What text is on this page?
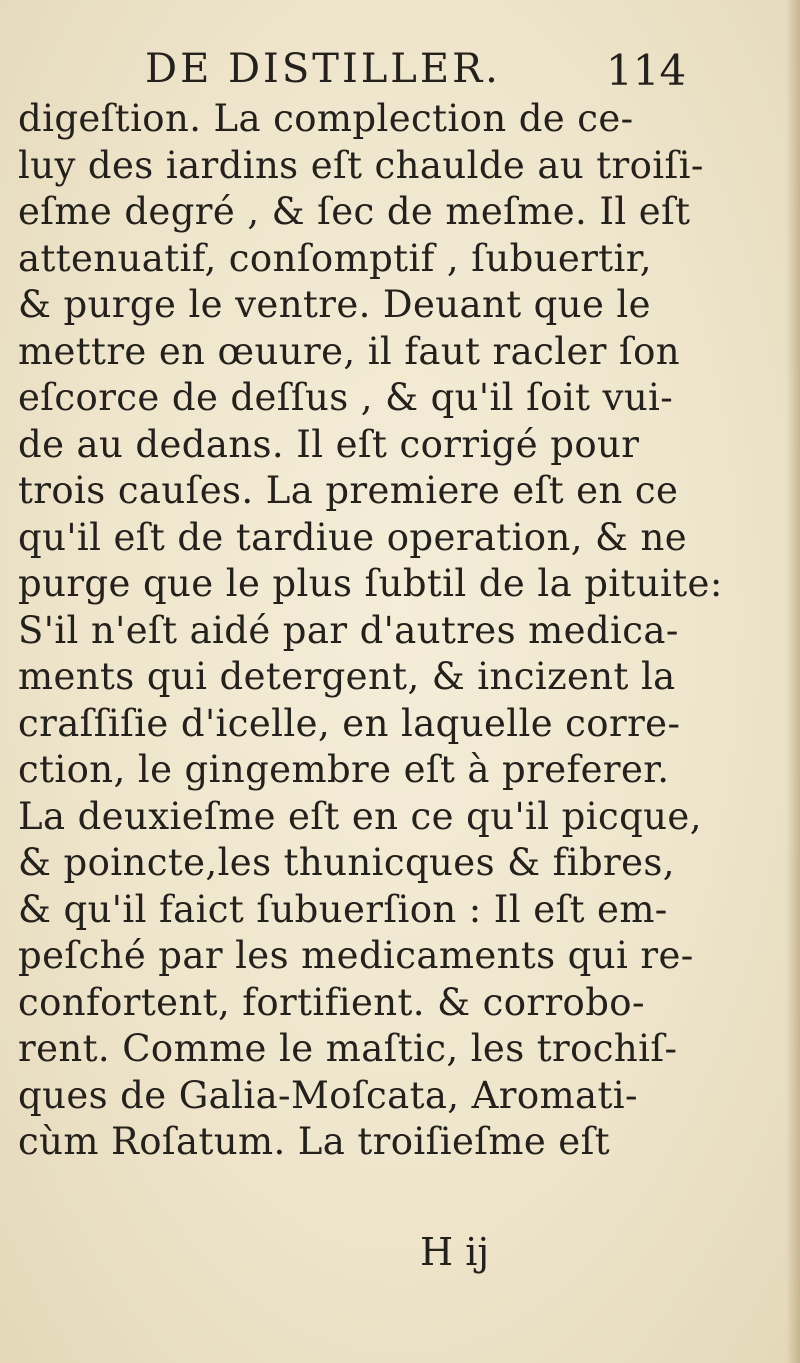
DE DISTILLER.	114
digeſtion. La complection de ce-
luy des iardins eſt chaulde au troiſi-
eſme degré , & ſec de meſme. Il eſt
attenuatif, conſomptif , ſubuertir,
& purge le ventre. Deuant que le
mettre en œuure, il faut racler ſon
eſcorce de deſſus , & qu'il ſoit vui-
de au dedans. Il eſt corrigé pour
trois cauſes. La premiere eſt en ce
qu'il eſt de tardiue operation, & ne
purge que le plus ſubtil de la pituite:
S'il n'eſt aidé par d'autres medica-
ments qui detergent, & incizent la
craſſiſie d'icelle, en laquelle corre-
ction, le gingembre eſt à preferer.
La deuxieſme eſt en ce qu'il picque,
& poincte,les thunicques & fibres,
& qu'il faict ſubuerſion : Il eſt em-
peſché par les medicaments qui re-
confortent, fortifient. & corrobo-
rent. Comme le maſtic, les trochiſ-
ques de Galia-Moſcata, Aromati-
cùm Roſatum. La troiſieſme eſt
H ij
